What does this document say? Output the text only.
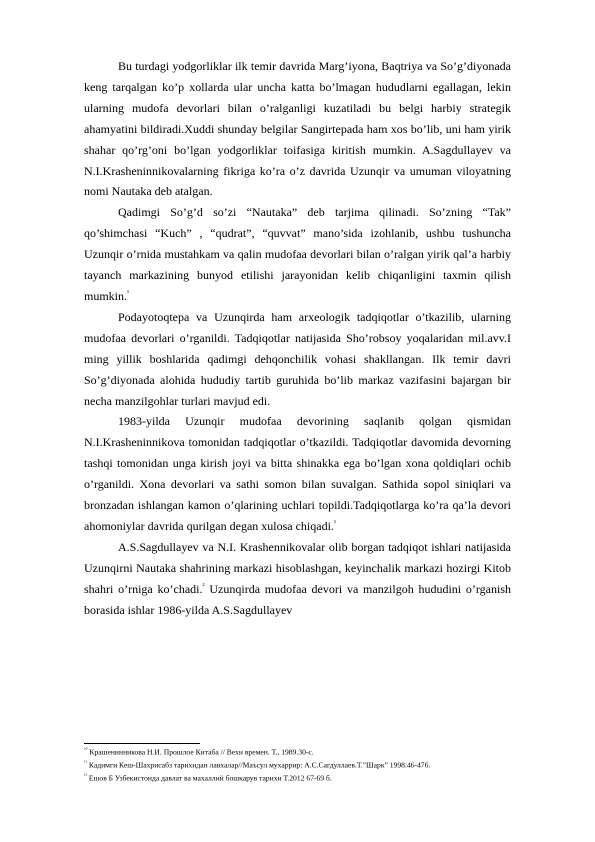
Bu turdagi yodgorliklar ilk temir davrida Marg’iyona, Baqtriya va So’g’diyonada keng tarqalgan ko’p xollarda ular uncha katta bo’lmagan hududlarni egallagan, lekin ularning mudofa devorlari bilan o’ralganligi kuzatiladi bu belgi harbiy strategik ahamyatini bildiradi.Xuddi shunday belgilar Sangirtepada ham xos bo’lib, uni ham yirik shahar qo’rg’oni bo’lgan yodgorliklar toifasiga kiritish mumkin. A.Sagdullayev va N.I.Krasheninnikovalarning fikriga ko’ra o’z davrida Uzunqir va umuman viloyatning nomi Nautaka deb atalgan.

Qadimgi So’g’d so’zi “Nautaka” deb tarjima qilinadi. So’zning “Tak” qo’shimchasi “Kuch” , “qudrat”, “quvvat” mano’sida izohlanib, ushbu tushuncha Uzunqir o’rnida mustahkam va qalin mudofaa devorlari bilan o’ralgan yirik qal’a harbiy tayanch markazining bunyod etilishi jarayonidan kelib chiqanligini taxmin qilish mumkin.$^{^1}$

Podayotoqtepa va Uzunqirda ham arxeologik tadqiqotlar o’tkazilib, ularning mudofaa devorlari o’rganildi. Tadqiqotlar natijasida Sho’robsoy yoqalaridan mil.avv.I ming yillik boshlarida qadimgi dehqonchilik vohasi shakllangan. Ilk temir davri So’g’diyonada alohida hududiy tartib guruhida bo’lib markaz vazifasini bajargan bir necha manzilgohlar turlari mavjud edi.

1983-yilda Uzunqir mudofaa devorining saqlanib qolgan qismidan N.I.Krasheninnikova tomonidan tadqiqotlar o’tkazildi. Tadqiqotlar davomida devorning tashqi tomonidan unga kirish joyi va bitta shinakka ega bo’lgan xona qoldiqlari ochib o’rganildi. Xona devorlari va sathi somon bilan suvalgan. Sathida sopol siniqlari va bronzadan ishlangan kamon o’qlarining uchlari topildi.Tadqiqotlarga ko’ra qa’la devori ahomoniylar davrida qurilgan degan xulosa chiqadi.$^{^1}$

A.S.Sagdullayev va N.I. Krashennikovalar olib borgan tadqiqot ishlari natijasida Uzunqirni Nautaka shahrining markazi hisoblashgan, keyinchalik markazi hozirgi Kitob shahri o’rniga ko’chadi.$^{^2}$ Uzunqirda mudofaa devori va manzilgoh hududini o’rganish borasida ishlar 1986-yilda A.S.Sagdullayev

$^{^{10}}$ Крашенинникова Н.И. Прошлое Китаба // Вехи времен. Т., 1989.30-с.

$^{^{11}}$ Кадимги Кеш-Шахрисабз тарихидан лавхалар//Маъсул мухаррир: А.С.Сагдуллаев.Т.”Шарк” 1998.46-476.

$^{^{12}}$ Ешов Б Узбекистонда давлат ва махаллий бошкарув тарихи Т.2012 67-69 б.
